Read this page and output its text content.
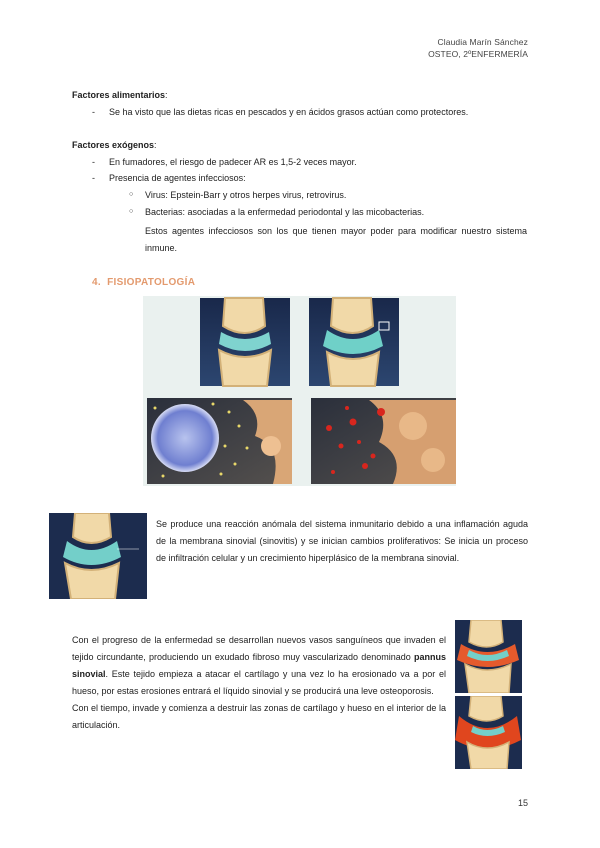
Claudia Marín Sánchez
OSTEO, 2ºENFERMERÍA
Factores alimentarios:
- Se ha visto que las dietas ricas en pescados y en ácidos grasos actúan como protectores.
Factores exógenos:
- En fumadores, el riesgo de padecer AR es 1,5-2 veces mayor.
- Presencia de agentes infecciosos:
○ Virus: Epstein-Barr y otros herpes virus, retrovirus.
○ Bacterias: asociadas a la enfermedad periodontal y las micobacterias.
Estos agentes infecciosos son los que tienen mayor poder para modificar nuestro sistema inmune.
4. FISIOPATOLOGÍA
Se produce una reacción anómala del sistema inmunitario debido a una inflamación aguda de la membrana sinovial (sinovitis) y se inician cambios proliferativos: Se inicia un proceso de infiltración celular y un crecimiento hiperplásico de la membrana sinovial.
Con el progreso de la enfermedad se desarrollan nuevos vasos sanguíneos que invaden el tejido circundante, produciendo un exudado fibroso muy vascularizado denominado pannus sinovial. Este tejido empieza a atacar el cartílago y una vez lo ha erosionado va a por el hueso, por estas erosiones entrará el líquido sinovial y se producirá una leve osteoporosis.
Con el tiempo, invade y comienza a destruir las zonas de cartílago y hueso en el interior de la articulación.
15
